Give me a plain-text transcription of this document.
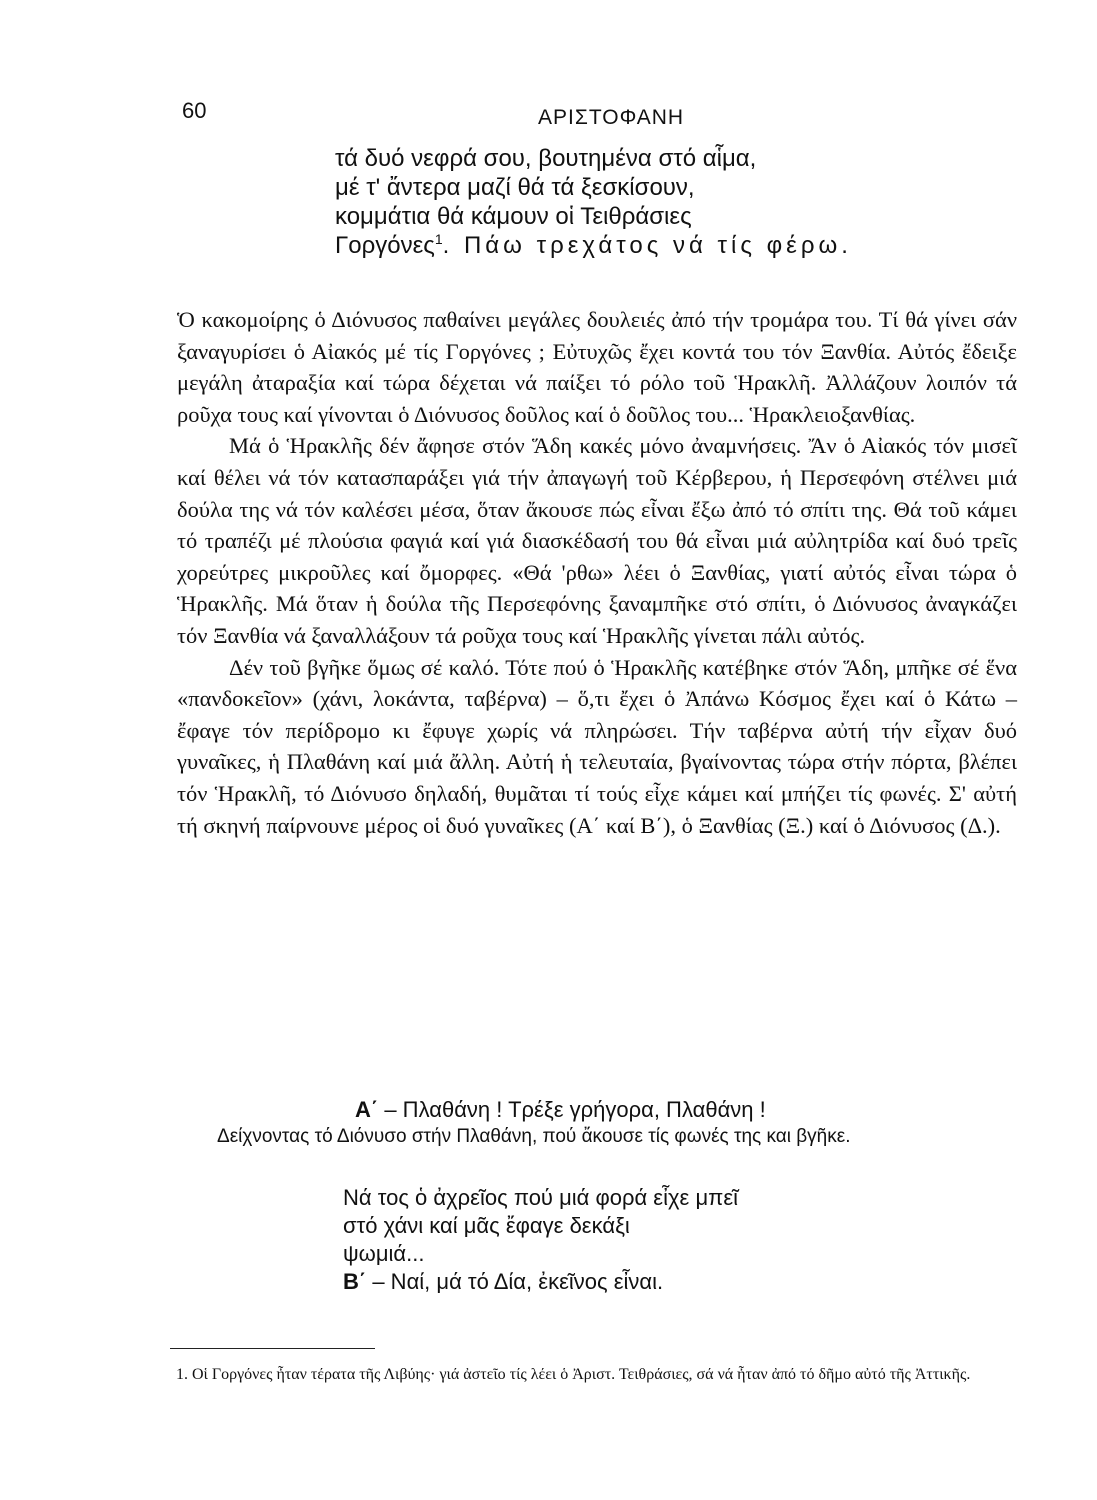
60	ΑΡΙΣΤΟΦΑΝΗ
τά δυό νεφρά σου, βουτημένα στό αἷμα,
μέ τ' ἄντερα μαζί θά τά ξεσκίσουν,
κομμάτια θά κάμουν οἱ Τειθράσιες
Γοργόνες$^1$. Πάω τρεχάτος νά τίς φέρω.

Ὁ κακομοίρης ὁ Διόνυσος παθαίνει μεγάλες δουλειές ἀπό τήν τρομάρα του. Τί θά γίνει σάν ξαναγυρίσει ὁ Αἰακός μέ τίς Γοργόνες ; Εὐτυχῶς ἔχει κοντά του τόν Ξανθία. Αὐτός ἔδειξε μεγάλη ἀταραξία καί τώρα δέχεται νά παίξει τό ρόλο τοῦ Ἡρακλῆ. Ἀλλάζουν λοιπόν τά ροῦχα τους καί γίνονται ὁ Διόνυσος δοῦλος καί ὁ δοῦλος του... Ἡρακλειοξανθίας.

Μά ὁ Ἡρακλῆς δέν ἄφησε στόν Ἅδη κακές μόνο ἀναμνήσεις. Ἄν ὁ Αἰακός τόν μισεῖ καί θέλει νά τόν κατασπαράξει γιά τήν ἀπαγωγή τοῦ Κέρβερου, ἡ Περσεφόνη στέλνει μιά δούλα της νά τόν καλέσει μέσα, ὅταν ἄκουσε πώς εἶναι ἔξω ἀπό τό σπίτι της. Θά τοῦ κάμει τό τραπέζι μέ πλούσια φαγιά καί γιά διασκέδασή του θά εἶναι μιά αὐλητρίδα καί δυό τρεῖς χορεύτρες μικροῦλες καί ὄμορφες. «Θά 'ρθω» λέει ὁ Ξανθίας, γιατί αὐτός εἶναι τώρα ὁ Ἡρακλῆς. Μά ὅταν ἡ δούλα τῆς Περσεφόνης ξαναμπῆκε στό σπίτι, ὁ Διόνυσος ἀναγκάζει τόν Ξανθία νά ξαναλλάξουν τά ροῦχα τους καί Ἡρακλῆς γίνεται πάλι αὐτός.

Δέν τοῦ βγῆκε ὅμως σέ καλό. Τότε πού ὁ Ἡρακλῆς κατέβηκε στόν Ἅδη, μπῆκε σέ ἕνα «πανδοκεῖον» (χάνι, λοκάντα, ταβέρνα) – ὅ,τι ἔχει ὁ Ἀπάνω Κόσμος ἔχει καί ὁ Κάτω – ἔφαγε τόν περίδρομο κι ἔφυγε χωρίς νά πληρώσει. Τήν ταβέρνα αὐτή τήν εἶχαν δυό γυναῖκες, ἡ Πλαθάνη καί μιά ἄλλη. Αὐτή ἡ τελευταία, βγαίνοντας τώρα στήν πόρτα, βλέπει τόν Ἡρακλῆ, τό Διόνυσο δηλαδή, θυμᾶται τί τούς εἶχε κάμει καί μπήζει τίς φωνές. Σ' αὐτή τή σκηνή παίρνουνε μέρος οἱ δυό γυναῖκες (Α΄ καί Β΄), ὁ Ξανθίας (Ξ.) καί ὁ Διόνυσος (Δ.).

Α΄ – Πλαθάνη ! Τρέξε γρήγορα, Πλαθάνη !

Δείχνοντας τό Διόνυσο στήν Πλαθάνη, πού ἄκουσε τίς φωνές της και βγῆκε.

Νά τος ὁ ἀχρεῖος πού μιά φορά εἶχε μπεῖ
στό χάνι καί μᾶς ἔφαγε δεκάξι
ψωμιά...
Β΄ – Ναί, μά τό Δία, ἐκεῖνος εἶναι.

1. Οἱ Γοργόνες ἦταν τέρατα τῆς Λιβύης· γιά ἀστεῖο τίς λέει ὁ Ἀριστ. Τειθράσιες, σά νά ἦταν ἀπό τό δῆμο αὐτό τῆς Ἀττικῆς.
